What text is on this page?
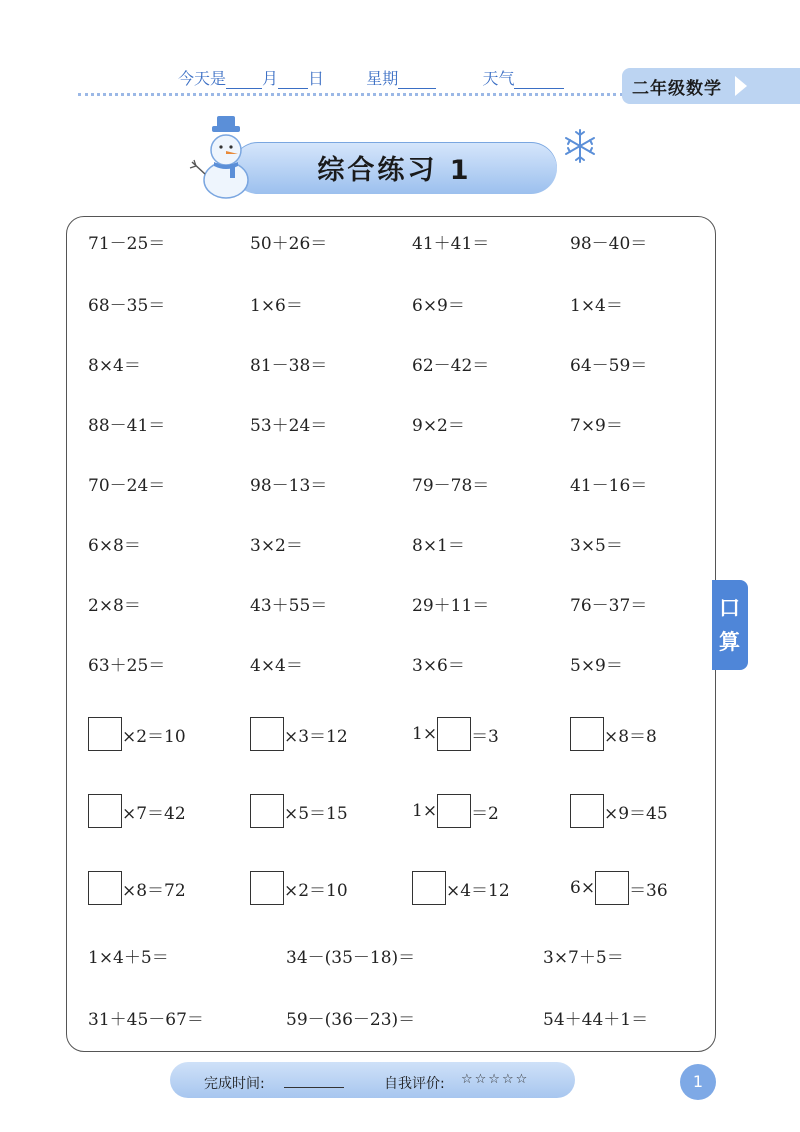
今天是 月 日	星期	天气
二年级数学
综合练习 1
口
算
71－25＝	50＋26＝	41＋41＝	98－40＝
68－35＝	1×6＝	6×9＝	1×4＝
8×4＝	81－38＝	62－42＝	64－59＝
88－41＝	53＋24＝	9×2＝	7×9＝
70－24＝	98－13＝	79－78＝	41－16＝
6×8＝	3×2＝	8×1＝	3×5＝
2×8＝	43＋55＝	29＋11＝	76－37＝
63＋25＝	4×4＝	3×6＝	5×9＝
×2＝10	×3＝12	1× ＝3	×8＝8
×7＝42	×5＝15	1× ＝2	×9＝45
×8＝72	×2＝10	×4＝12	6× ＝36
1×4＋5＝	34－(35－18)＝	3×7＋5＝
31＋45－67＝	59－(36－23)＝	54＋44＋1＝
完成时间:	自我评价: ☆☆☆☆☆	1
